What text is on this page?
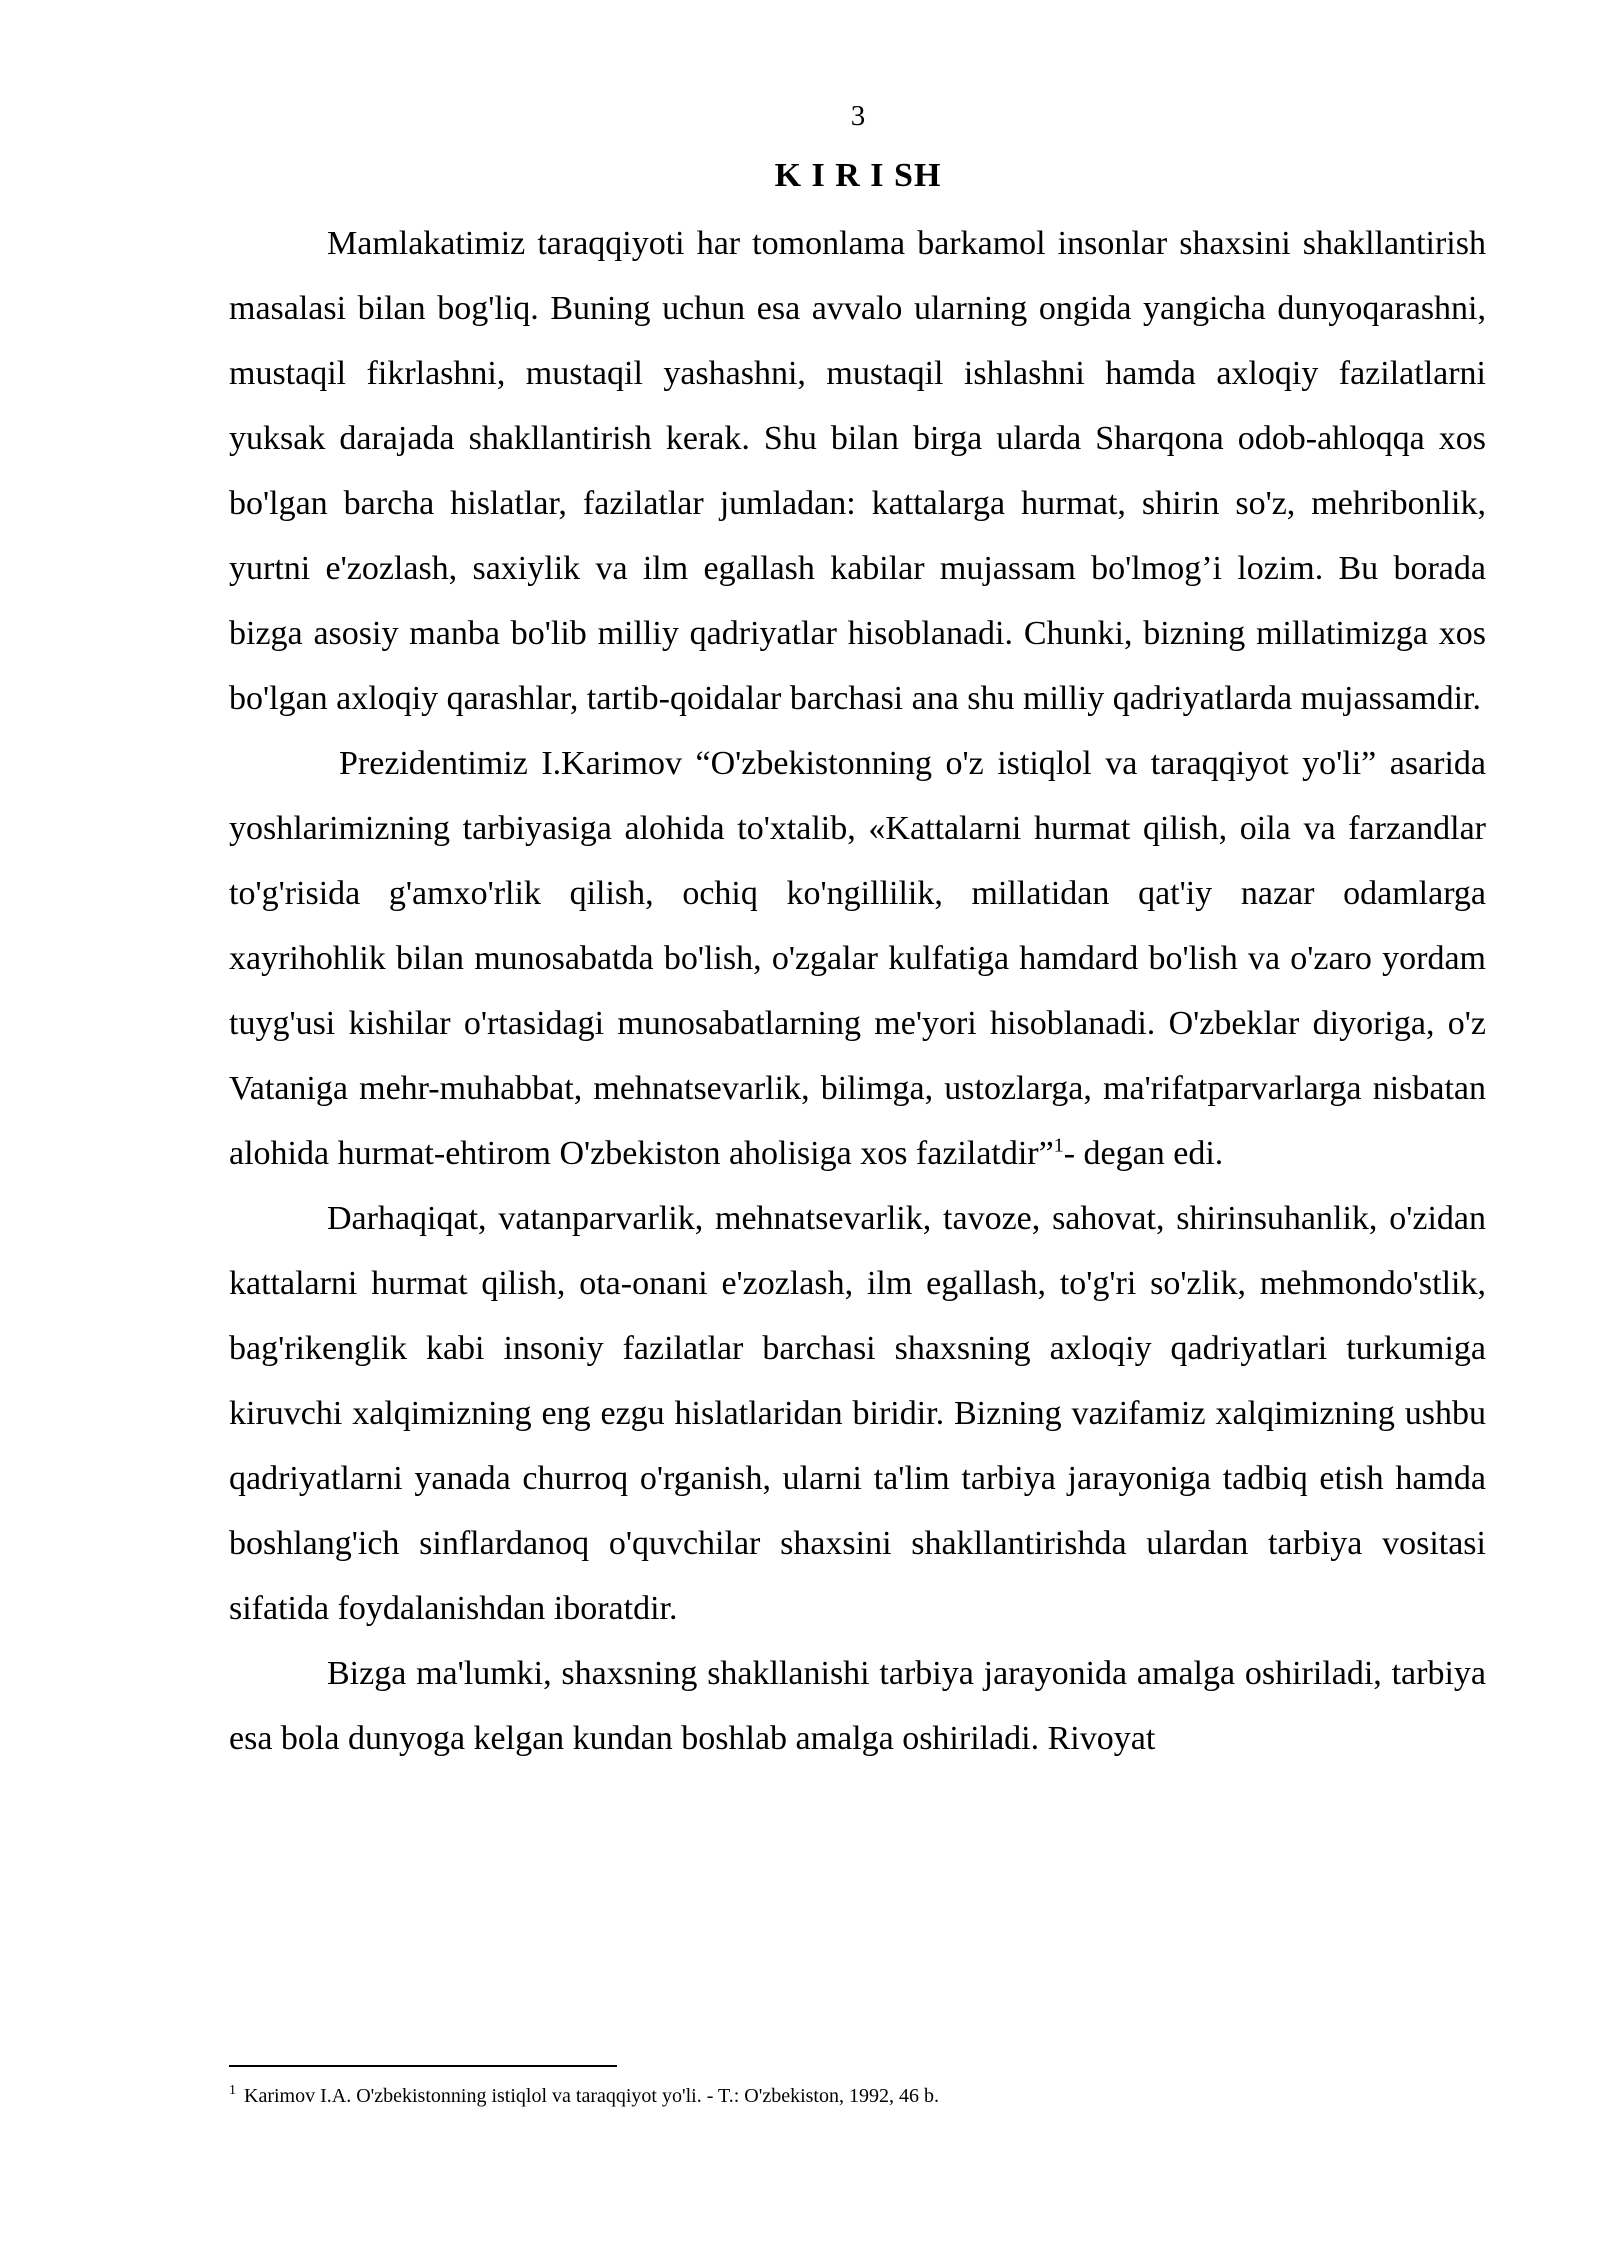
3
K I R I SH

Mamlakatimiz taraqqiyoti har tomonlama barkamol insonlar shaxsini shakllantirish masalasi bilan bog'liq. Buning uchun esa avvalo ularning ongida yangicha dunyoqarashni, mustaqil fikrlashni, mustaqil yashashni, mustaqil ishlashni hamda axloqiy fazilatlarni yuksak darajada shakllantirish kerak. Shu bilan birga ularda Sharqona odob-ahloqqa xos bo'lgan barcha hislatlar, fazilatlar jumladan: kattalarga hurmat, shirin so'z, mehribonlik, yurtni e'zozlash, saxiylik va ilm egallash kabilar mujassam bo'lmog’i lozim. Bu borada bizga asosiy manba bo'lib milliy qadriyatlar hisoblanadi. Chunki, bizning millatimizga xos bo'lgan axloqiy qarashlar, tartib-qoidalar barchasi ana shu milliy qadriyatlarda mujassamdir.

Prezidentimiz I.Karimov “O'zbekistonning o'z istiqlol va taraqqiyot yo'li” asarida yoshlarimizning tarbiyasiga alohida to'xtalib, «Kattalarni hurmat qilish, oila va farzandlar to'g'risida g'amxo'rlik qilish, ochiq ko'ngillilik, millatidan qat'iy nazar odamlarga xayrihohlik bilan munosabatda bo'lish, o'zgalar kulfatiga hamdard bo'lish va o'zaro yordam tuyg'usi kishilar o'rtasidagi munosabatlarning me'yori hisoblanadi. O'zbeklar diyoriga, o'z Vataniga mehr-muhabbat, mehnatsevarlik, bilimga, ustozlarga, ma'rifatparvarlarga nisbatan alohida hurmat-ehtirom O'zbekiston aholisiga xos fazilatdir”$^1$- degan edi.

Darhaqiqat, vatanparvarlik, mehnatsevarlik, tavoze, sahovat, shirinsuhanlik, o'zidan kattalarni hurmat qilish, ota-onani e'zozlash, ilm egallash, to'g'ri so'zlik, mehmondo'stlik, bag'rikenglik kabi insoniy fazilatlar barchasi shaxsning axloqiy qadriyatlari turkumiga kiruvchi xalqimizning eng ezgu hislatlaridan biridir. Bizning vazifamiz xalqimizning ushbu qadriyatlarni yanada churroq o'rganish, ularni ta'lim tarbiya jarayoniga tadbiq etish hamda boshlang'ich sinflardanoq o'quvchilar shaxsini shakllantirishda ulardan tarbiya vositasi sifatida foydalanishdan iboratdir.

Bizga ma'lumki, shaxsning shakllanishi tarbiya jarayonida amalga oshiriladi, tarbiya esa bola dunyoga kelgan kundan boshlab amalga oshiriladi. Rivoyat

$^1$ Karimov I.A. O'zbekistonning istiqlol va taraqqiyot yo'li. - T.: O'zbekiston, 1992, 46 b.
